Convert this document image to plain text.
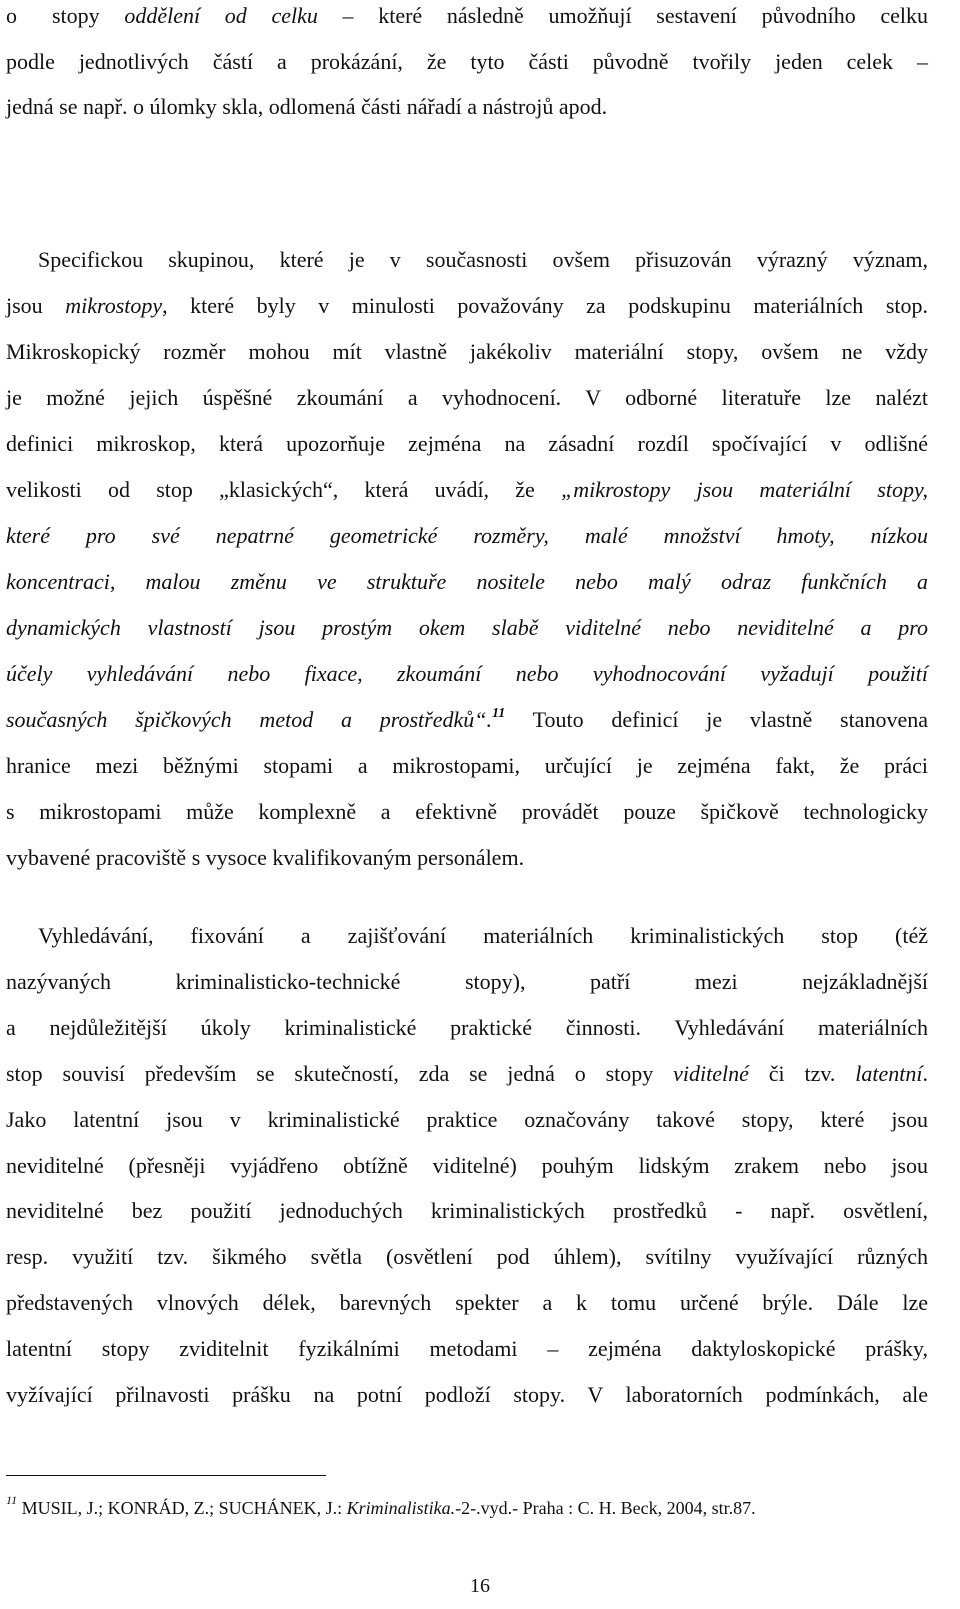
o	stopy oddělení od celku – které následně umožňují sestavení původního celku
podle jednotlivých částí a prokázání, že tyto části původně tvořily jeden celek –
jedná se např. o úlomky skla, odlomená části nářadí a nástrojů apod.
Specifickou skupinou, které je v současnosti ovšem přisuzován výrazný význam,
jsou mikrostopy, které byly v minulosti považovány za podskupinu materiálních stop.
Mikroskopický rozměr mohou mít vlastně jakékoliv materiální stopy, ovšem ne vždy
je možné jejich úspěšné zkoumání a vyhodnocení. V odborné literatuře lze nalézt
definici mikroskop, která upozorňuje zejména na zásadní rozdíl spočívající v odlišné
velikosti od stop „klasických“, která uvádí, že „mikrostopy jsou materiální stopy,
které pro své nepatrné geometrické rozměry, malé množství hmoty, nízkou
koncentraci, malou změnu ve struktuře nositele nebo malý odraz funkčních a
dynamických vlastností jsou prostým okem slabě viditelné nebo neviditelné a pro
účely vyhledávání nebo fixace, zkoumání nebo vyhodnocování vyžadují použití
současných špičkových metod a prostředků“.$^{11}$ Touto definicí je vlastně stanovena
hranice mezi běžnými stopami a mikrostopami, určující je zejména fakt, že práci
s mikrostopami může komplexně a efektivně provádět pouze špičkově technologicky
vybavené pracoviště s vysoce kvalifikovaným personálem.
Vyhledávání, fixování a zajišťování materiálních kriminalistických stop (též
nazývaných kriminalisticko-technické stopy), patří mezi nejzákladnější
a nejdůležitější úkoly kriminalistické praktické činnosti. Vyhledávání materiálních
stop souvisí především se skutečností, zda se jedná o stopy viditelné či tzv. latentní.
Jako latentní jsou v kriminalistické praktice označovány takové stopy, které jsou
neviditelné (přesněji vyjádřeno obtížně viditelné) pouhým lidským zrakem nebo jsou
neviditelné bez použití jednoduchých kriminalistických prostředků - např. osvětlení,
resp. využití tzv. šikmého světla (osvětlení pod úhlem), svítilny využívající různých
představených vlnových délek, barevných spekter a k tomu určené brýle. Dále lze
latentní stopy zviditelnit fyzikálními metodami – zejména daktyloskopické prášky,
vyžívající přilnavosti prášku na potní podloží stopy. V laboratorních podmínkách, ale
$^{11}$ MUSIL, J.; KONRÁD, Z.; SUCHÁNEK, J.: Kriminalistika.-2-.vyd.- Praha : C. H. Beck, 2004, str.87.
16
